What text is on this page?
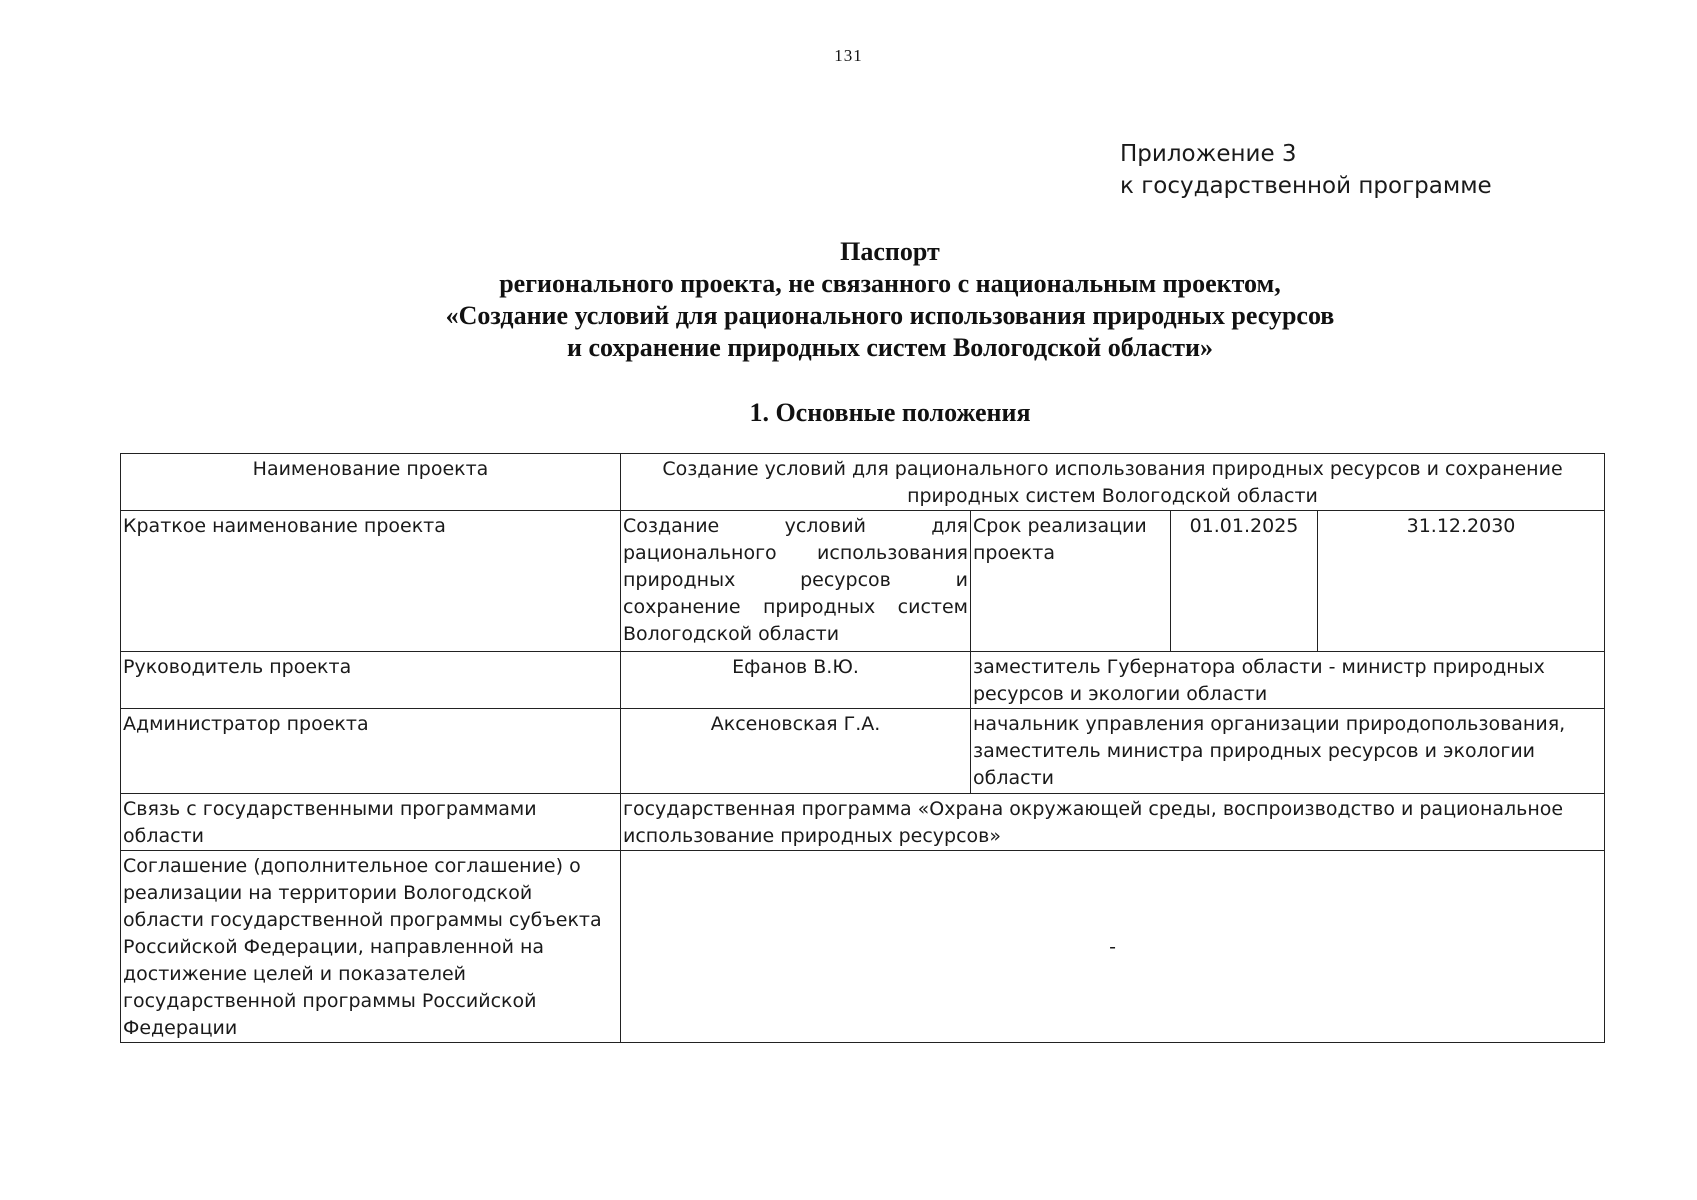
131
Приложение 3
к государственной программе
Паспорт
регионального проекта, не связанного с национальным проектом,
«Создание условий для рационального использования природных ресурсов
и сохранение природных систем Вологодской области»
1. Основные положения
Наименование проекта	Создание условий для рационального использования природных ресурсов и сохранение природных систем Вологодской области			
Краткое наименование проекта	Создание условий для рационального использования природных ресурсов и сохранение природных систем Вологодской области	Срок реализации проекта	01.01.2025	31.12.2030
Руководитель проекта	Ефанов В.Ю.	заместитель Губернатора области - министр природных ресурсов и экологии области		
Администратор проекта	Аксеновская Г.А.	начальник управления организации природопользования, заместитель министра природных ресурсов и экологии области		
Связь с государственными программами области	государственная программа «Охрана окружающей среды, воспроизводство и рациональное использование природных ресурсов»			
Соглашение (дополнительное соглашение) о реализации на территории Вологодской области государственной программы субъекта Российской Федерации, направленной на достижение целей и показателей государственной программы Российской Федерации	-			
